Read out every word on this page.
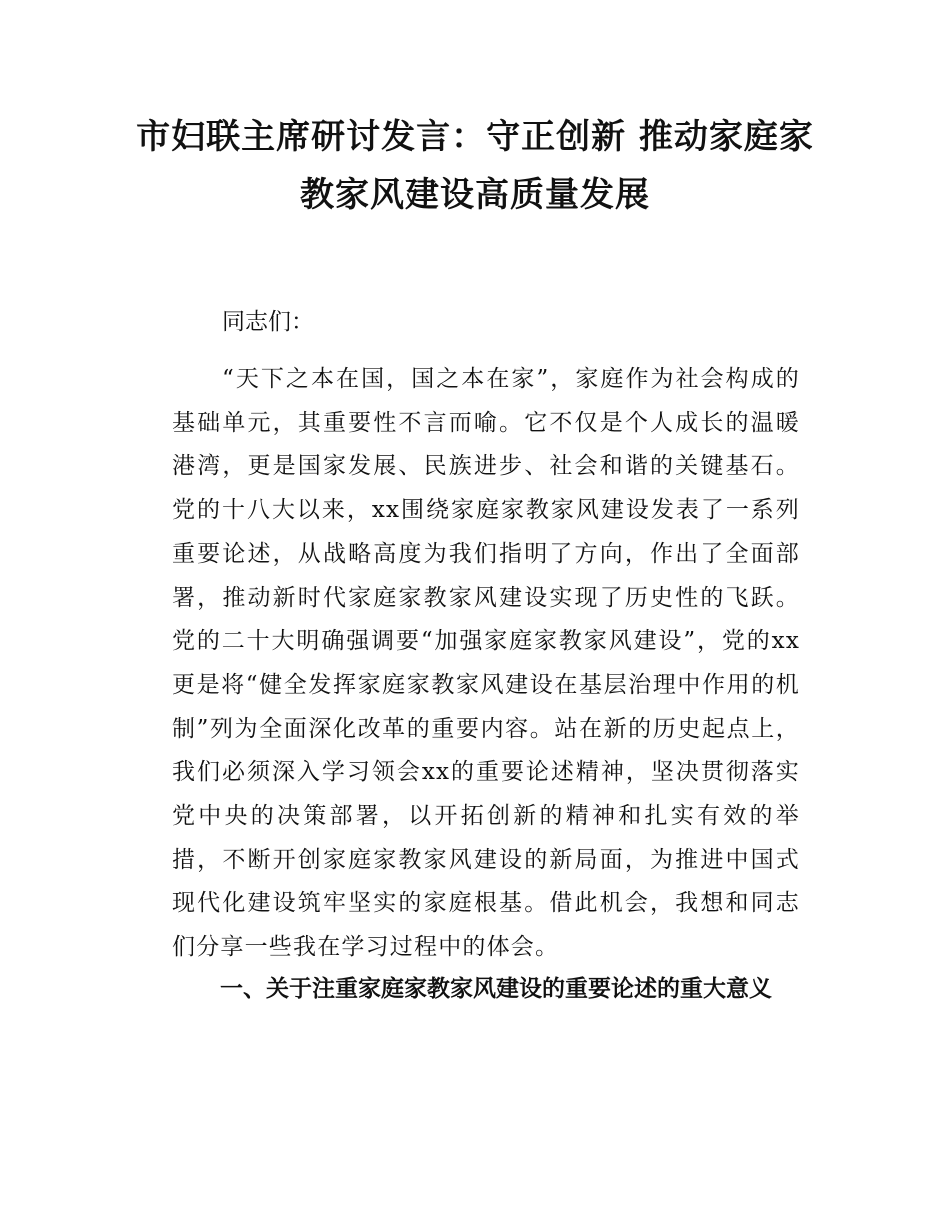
市妇联主席研讨发言：守正创新 推动家庭家
教家风建设高质量发展

同志们：

“天下之本在国，国之本在家”，家庭作为社会构成的基础单元，其重要性不言而喻。它不仅是个人成长的温暖港湾，更是国家发展、民族进步、社会和谐的关键基石。党的十八大以来，xx围绕家庭家教家风建设发表了一系列重要论述，从战略高度为我们指明了方向，作出了全面部署，推动新时代家庭家教家风建设实现了历史性的飞跃。党的二十大明确强调要“加强家庭家教家风建设”，党的xx更是将“健全发挥家庭家教家风建设在基层治理中作用的机制”列为全面深化改革的重要内容。站在新的历史起点上，我们必须深入学习领会xx的重要论述精神，坚决贯彻落实党中央的决策部署，以开拓创新的精神和扎实有效的举措，不断开创家庭家教家风建设的新局面，为推进中国式现代化建设筑牢坚实的家庭根基。借此机会，我想和同志们分享一些我在学习过程中的体会。

一、关于注重家庭家教家风建设的重要论述的重大意义
